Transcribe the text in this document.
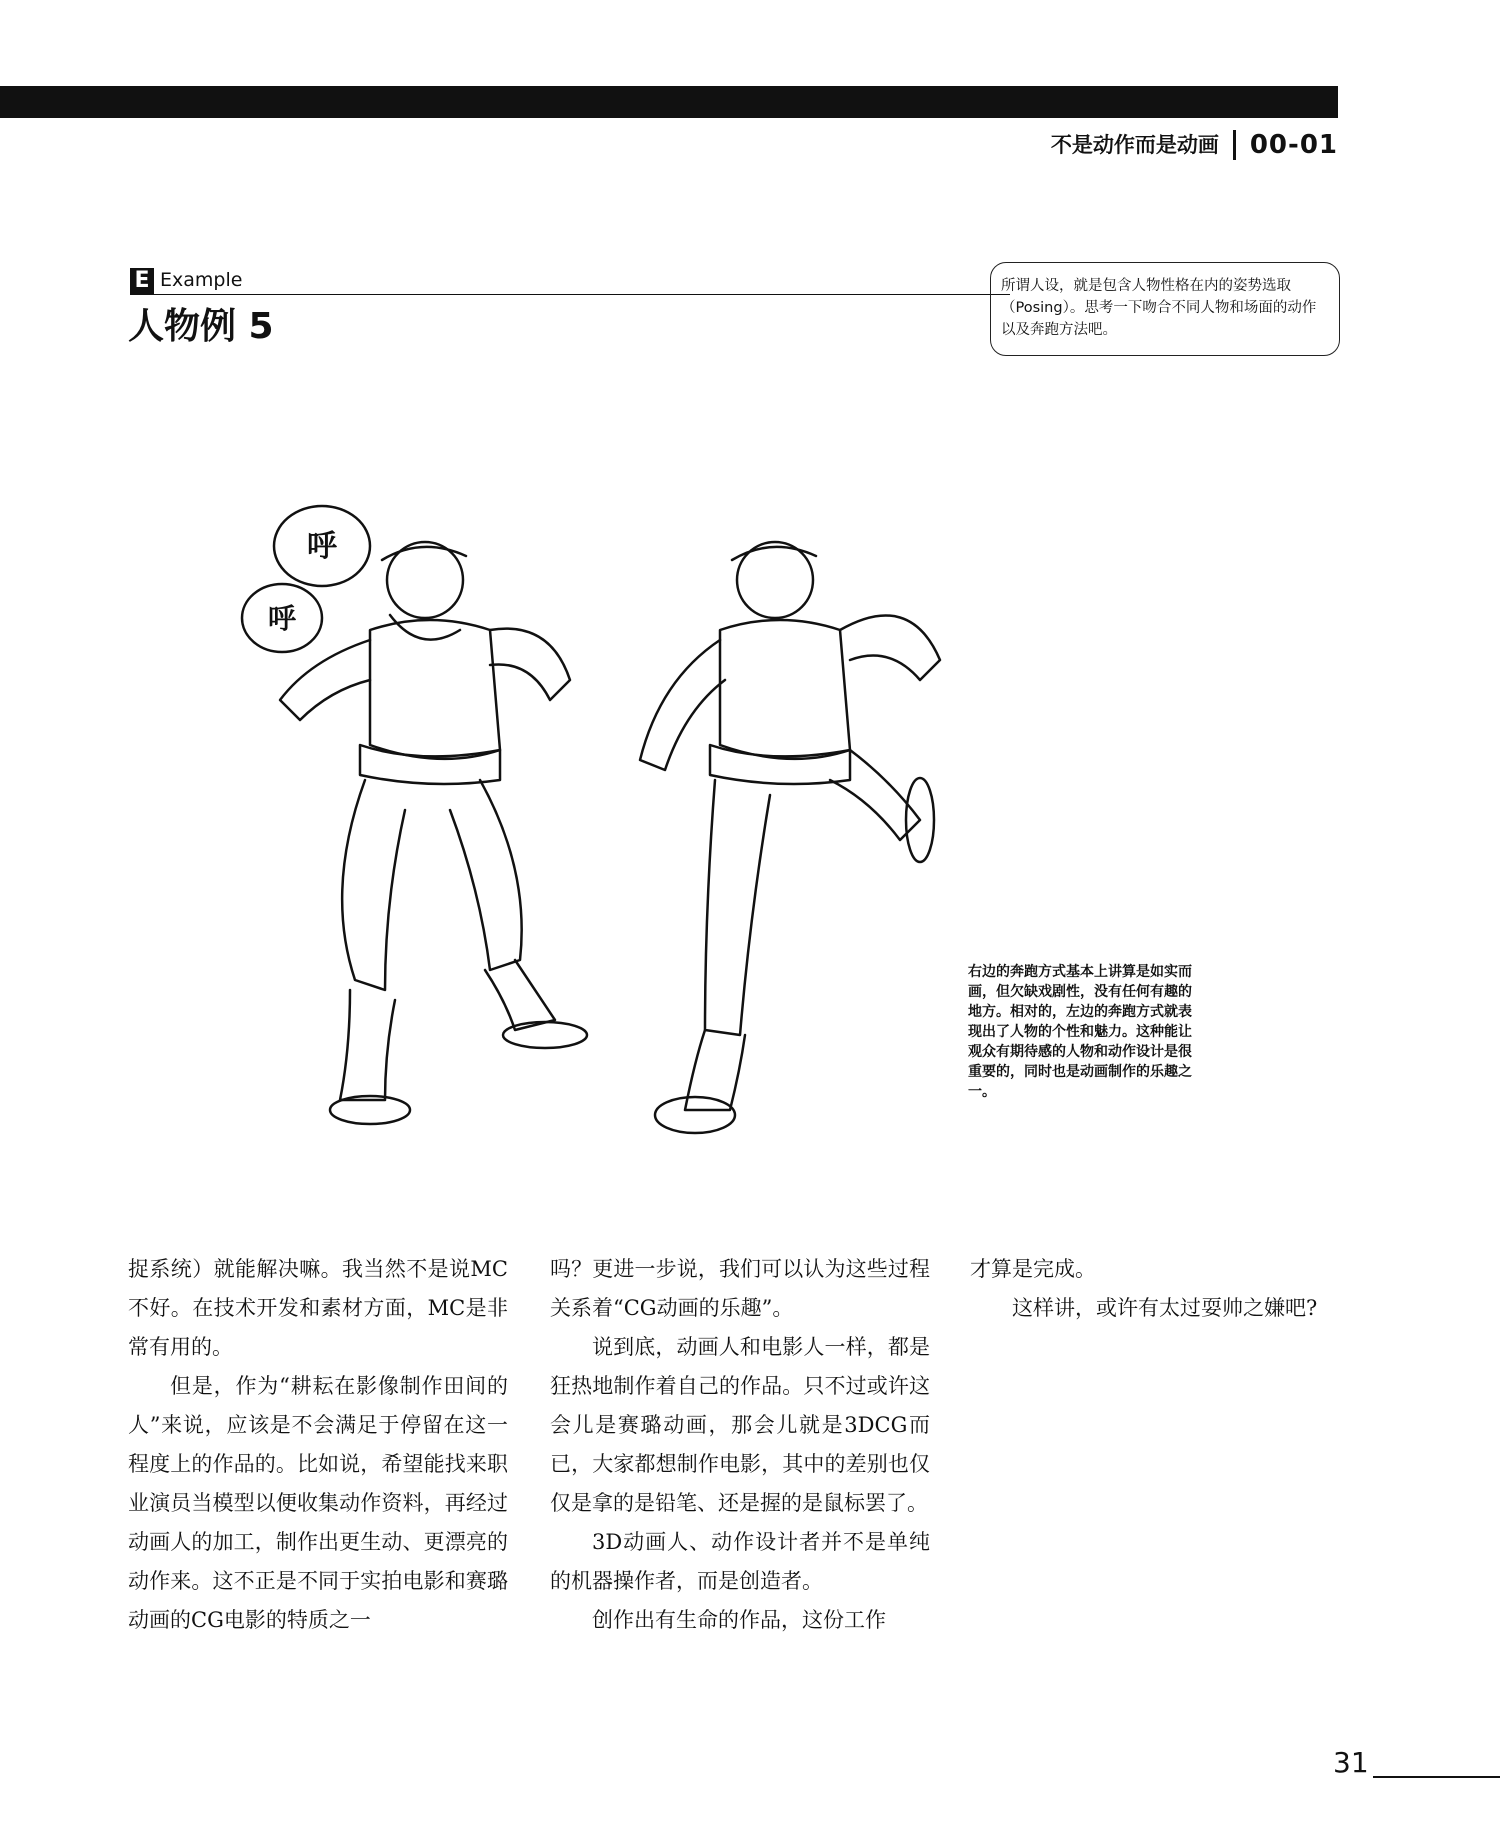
不是动作而是动画	00-01
E Example
人物例 5
所谓人设，就是包含人物性格在内的姿势选取（Posing）。思考一下吻合不同人物和场面的动作以及奔跑方法吧。
呼
呼
右边的奔跑方式基本上讲算是如实而画，但欠缺戏剧性，没有任何有趣的地方。相对的，左边的奔跑方式就表现出了人物的个性和魅力。这种能让观众有期待感的人物和动作设计是很重要的，同时也是动画制作的乐趣之一。

捉系统）就能解决嘛。我当然不是说MC不好。在技术开发和素材方面，MC是非常有用的。

但是，作为“耕耘在影像制作田间的人”来说，应该是不会满足于停留在这一程度上的作品的。比如说，希望能找来职业演员当模型以便收集动作资料，再经过动画人的加工，制作出更生动、更漂亮的动作来。这不正是不同于实拍电影和赛璐动画的CG电影的特质之一

吗？更进一步说，我们可以认为这些过程关系着“CG动画的乐趣”。

说到底，动画人和电影人一样，都是狂热地制作着自己的作品。只不过或许这会儿是赛璐动画，那会儿就是3DCG而已，大家都想制作电影，其中的差别也仅仅是拿的是铅笔、还是握的是鼠标罢了。

3D动画人、动作设计者并不是单纯的机器操作者，而是创造者。

创作出有生命的作品，这份工作

才算是完成。

这样讲，或许有太过耍帅之嫌吧?

31
